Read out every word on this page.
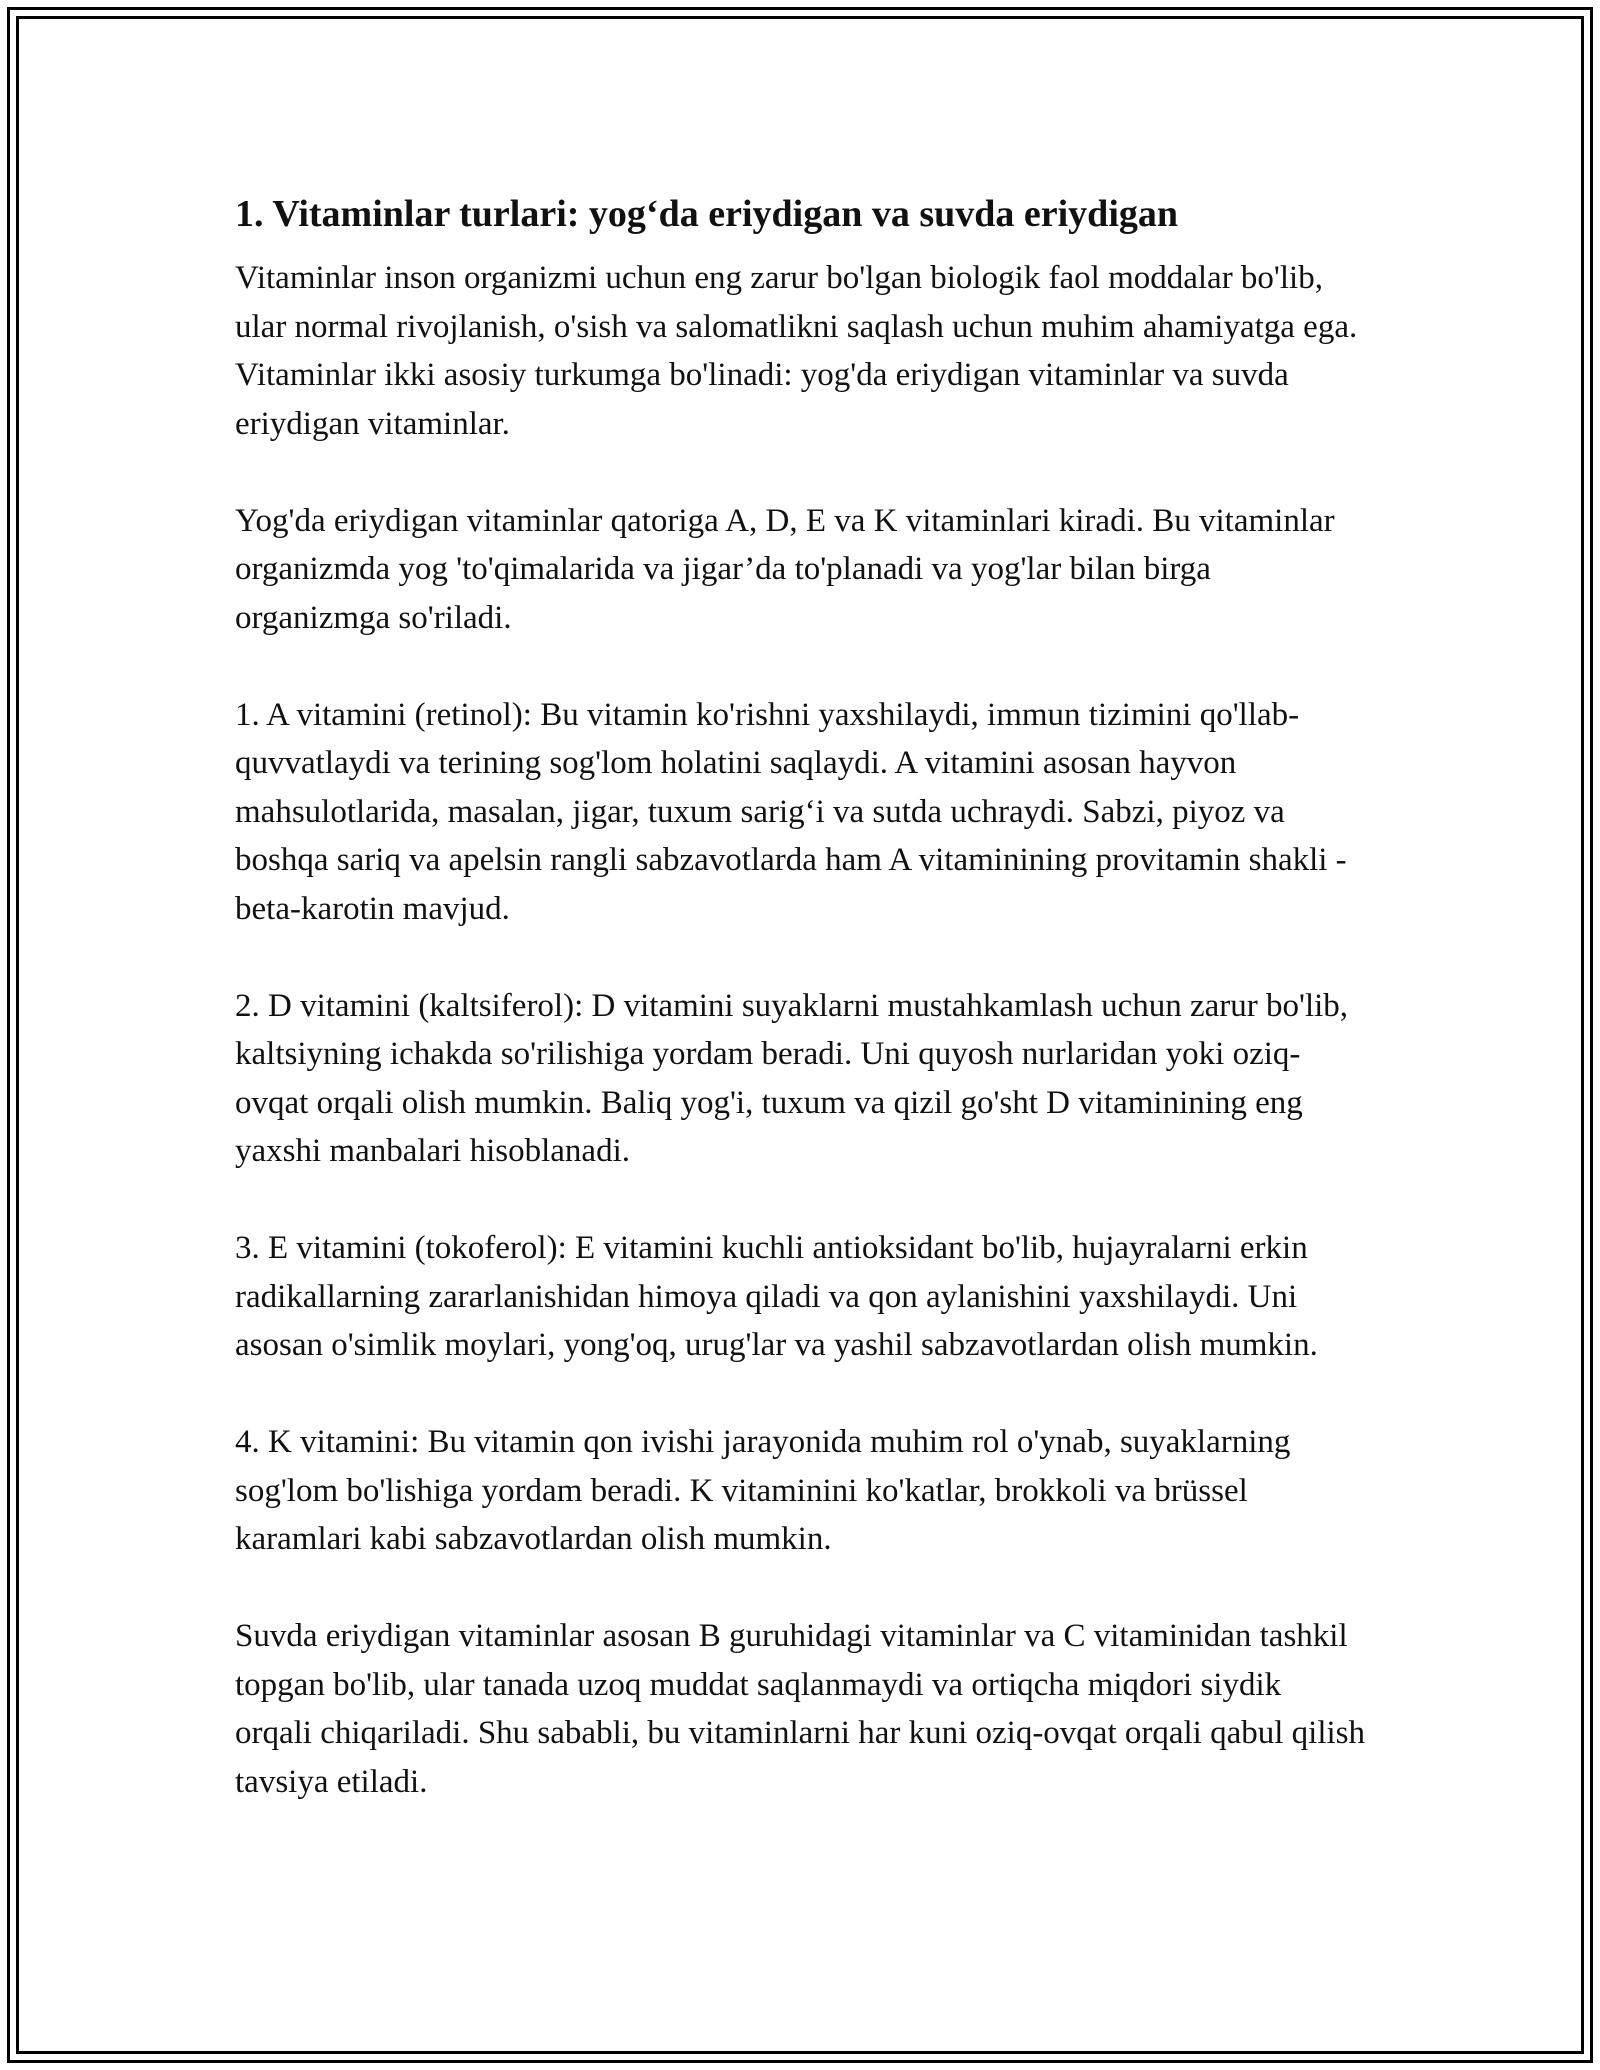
1. Vitaminlar turlari: yog‘da eriydigan va suvda eriydigan

Vitaminlar inson organizmi uchun eng zarur bo'lgan biologik faol moddalar bo'lib, ular normal rivojlanish, o'sish va salomatlikni saqlash uchun muhim ahamiyatga ega. Vitaminlar ikki asosiy turkumga bo'linadi: yog'da eriydigan vitaminlar va suvda eriydigan vitaminlar.

Yog'da eriydigan vitaminlar qatoriga A, D, E va K vitaminlari kiradi. Bu vitaminlar organizmda yog 'to'qimalarida va jigar’da to'planadi va yog'lar bilan birga organizmga so'riladi.

1. A vitamini (retinol): Bu vitamin ko'rishni yaxshilaydi, immun tizimini qo'llab-quvvatlaydi va terining sog'lom holatini saqlaydi. A vitamini asosan hayvon mahsulotlarida, masalan, jigar, tuxum sarig‘i va sutda uchraydi. Sabzi, piyoz va boshqa sariq va apelsin rangli sabzavotlarda ham A vitaminining provitamin shakli - beta-karotin mavjud.

2. D vitamini (kaltsiferol): D vitamini suyaklarni mustahkamlash uchun zarur bo'lib, kaltsiyning ichakda so'rilishiga yordam beradi. Uni quyosh nurlaridan yoki oziq-ovqat orqali olish mumkin. Baliq yog'i, tuxum va qizil go'sht D vitaminining eng yaxshi manbalari hisoblanadi.

3. E vitamini (tokoferol): E vitamini kuchli antioksidant bo'lib, hujayralarni erkin radikallarning zararlanishidan himoya qiladi va qon aylanishini yaxshilaydi. Uni asosan o'simlik moylari, yong'oq, urug'lar va yashil sabzavotlardan olish mumkin.

4. K vitamini: Bu vitamin qon ivishi jarayonida muhim rol o'ynab, suyaklarning sog'lom bo'lishiga yordam beradi. K vitaminini ko'katlar, brokkoli va brüssel karamlari kabi sabzavotlardan olish mumkin.

Suvda eriydigan vitaminlar asosan B guruhidagi vitaminlar va C vitaminidan tashkil topgan bo'lib, ular tanada uzoq muddat saqlanmaydi va ortiqcha miqdori siydik orqali chiqariladi. Shu sababli, bu vitaminlarni har kuni oziq-ovqat orqali qabul qilish tavsiya etiladi.
